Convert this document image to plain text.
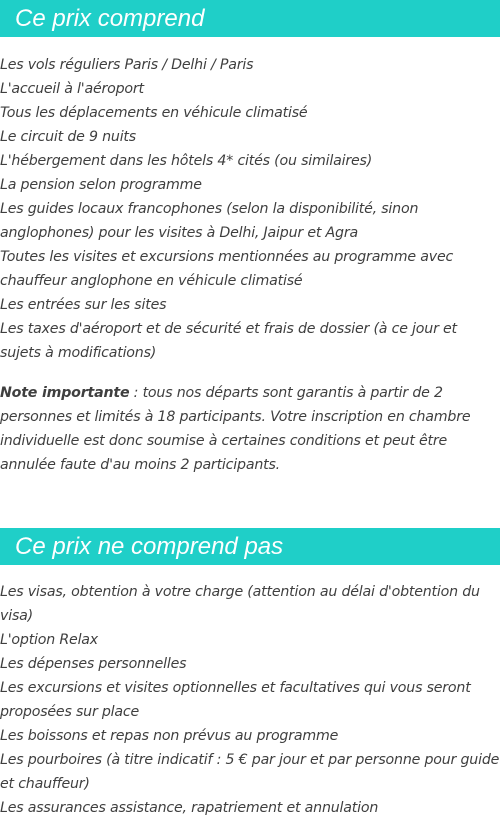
Ce prix comprend
Les vols réguliers Paris / Delhi / Paris
L'accueil à l'aéroport
Tous les déplacements en véhicule climatisé
Le circuit de 9 nuits
L'hébergement dans les hôtels 4* cités (ou similaires)
La pension selon programme
Les guides locaux francophones (selon la disponibilité, sinon anglophones) pour les visites à Delhi, Jaipur et Agra
Toutes les visites et excursions mentionnées au programme avec chauffeur anglophone en véhicule climatisé
Les entrées sur les sites
Les taxes d'aéroport et de sécurité et frais de dossier (à ce jour et sujets à modifications)

Note importante : tous nos départs sont garantis à partir de 2 personnes et limités à 18 participants. Votre inscription en chambre individuelle est donc soumise à certaines conditions et peut être annulée faute d'au moins 2 participants.

Ce prix ne comprend pas
Les visas, obtention à votre charge (attention au délai d'obtention du visa)
L'option Relax
Les dépenses personnelles
Les excursions et visites optionnelles et facultatives qui vous seront proposées sur place
Les boissons et repas non prévus au programme
Les pourboires (à titre indicatif : 5 € par jour et par personne pour guide et chauffeur)
Les assurances assistance, rapatriement et annulation
